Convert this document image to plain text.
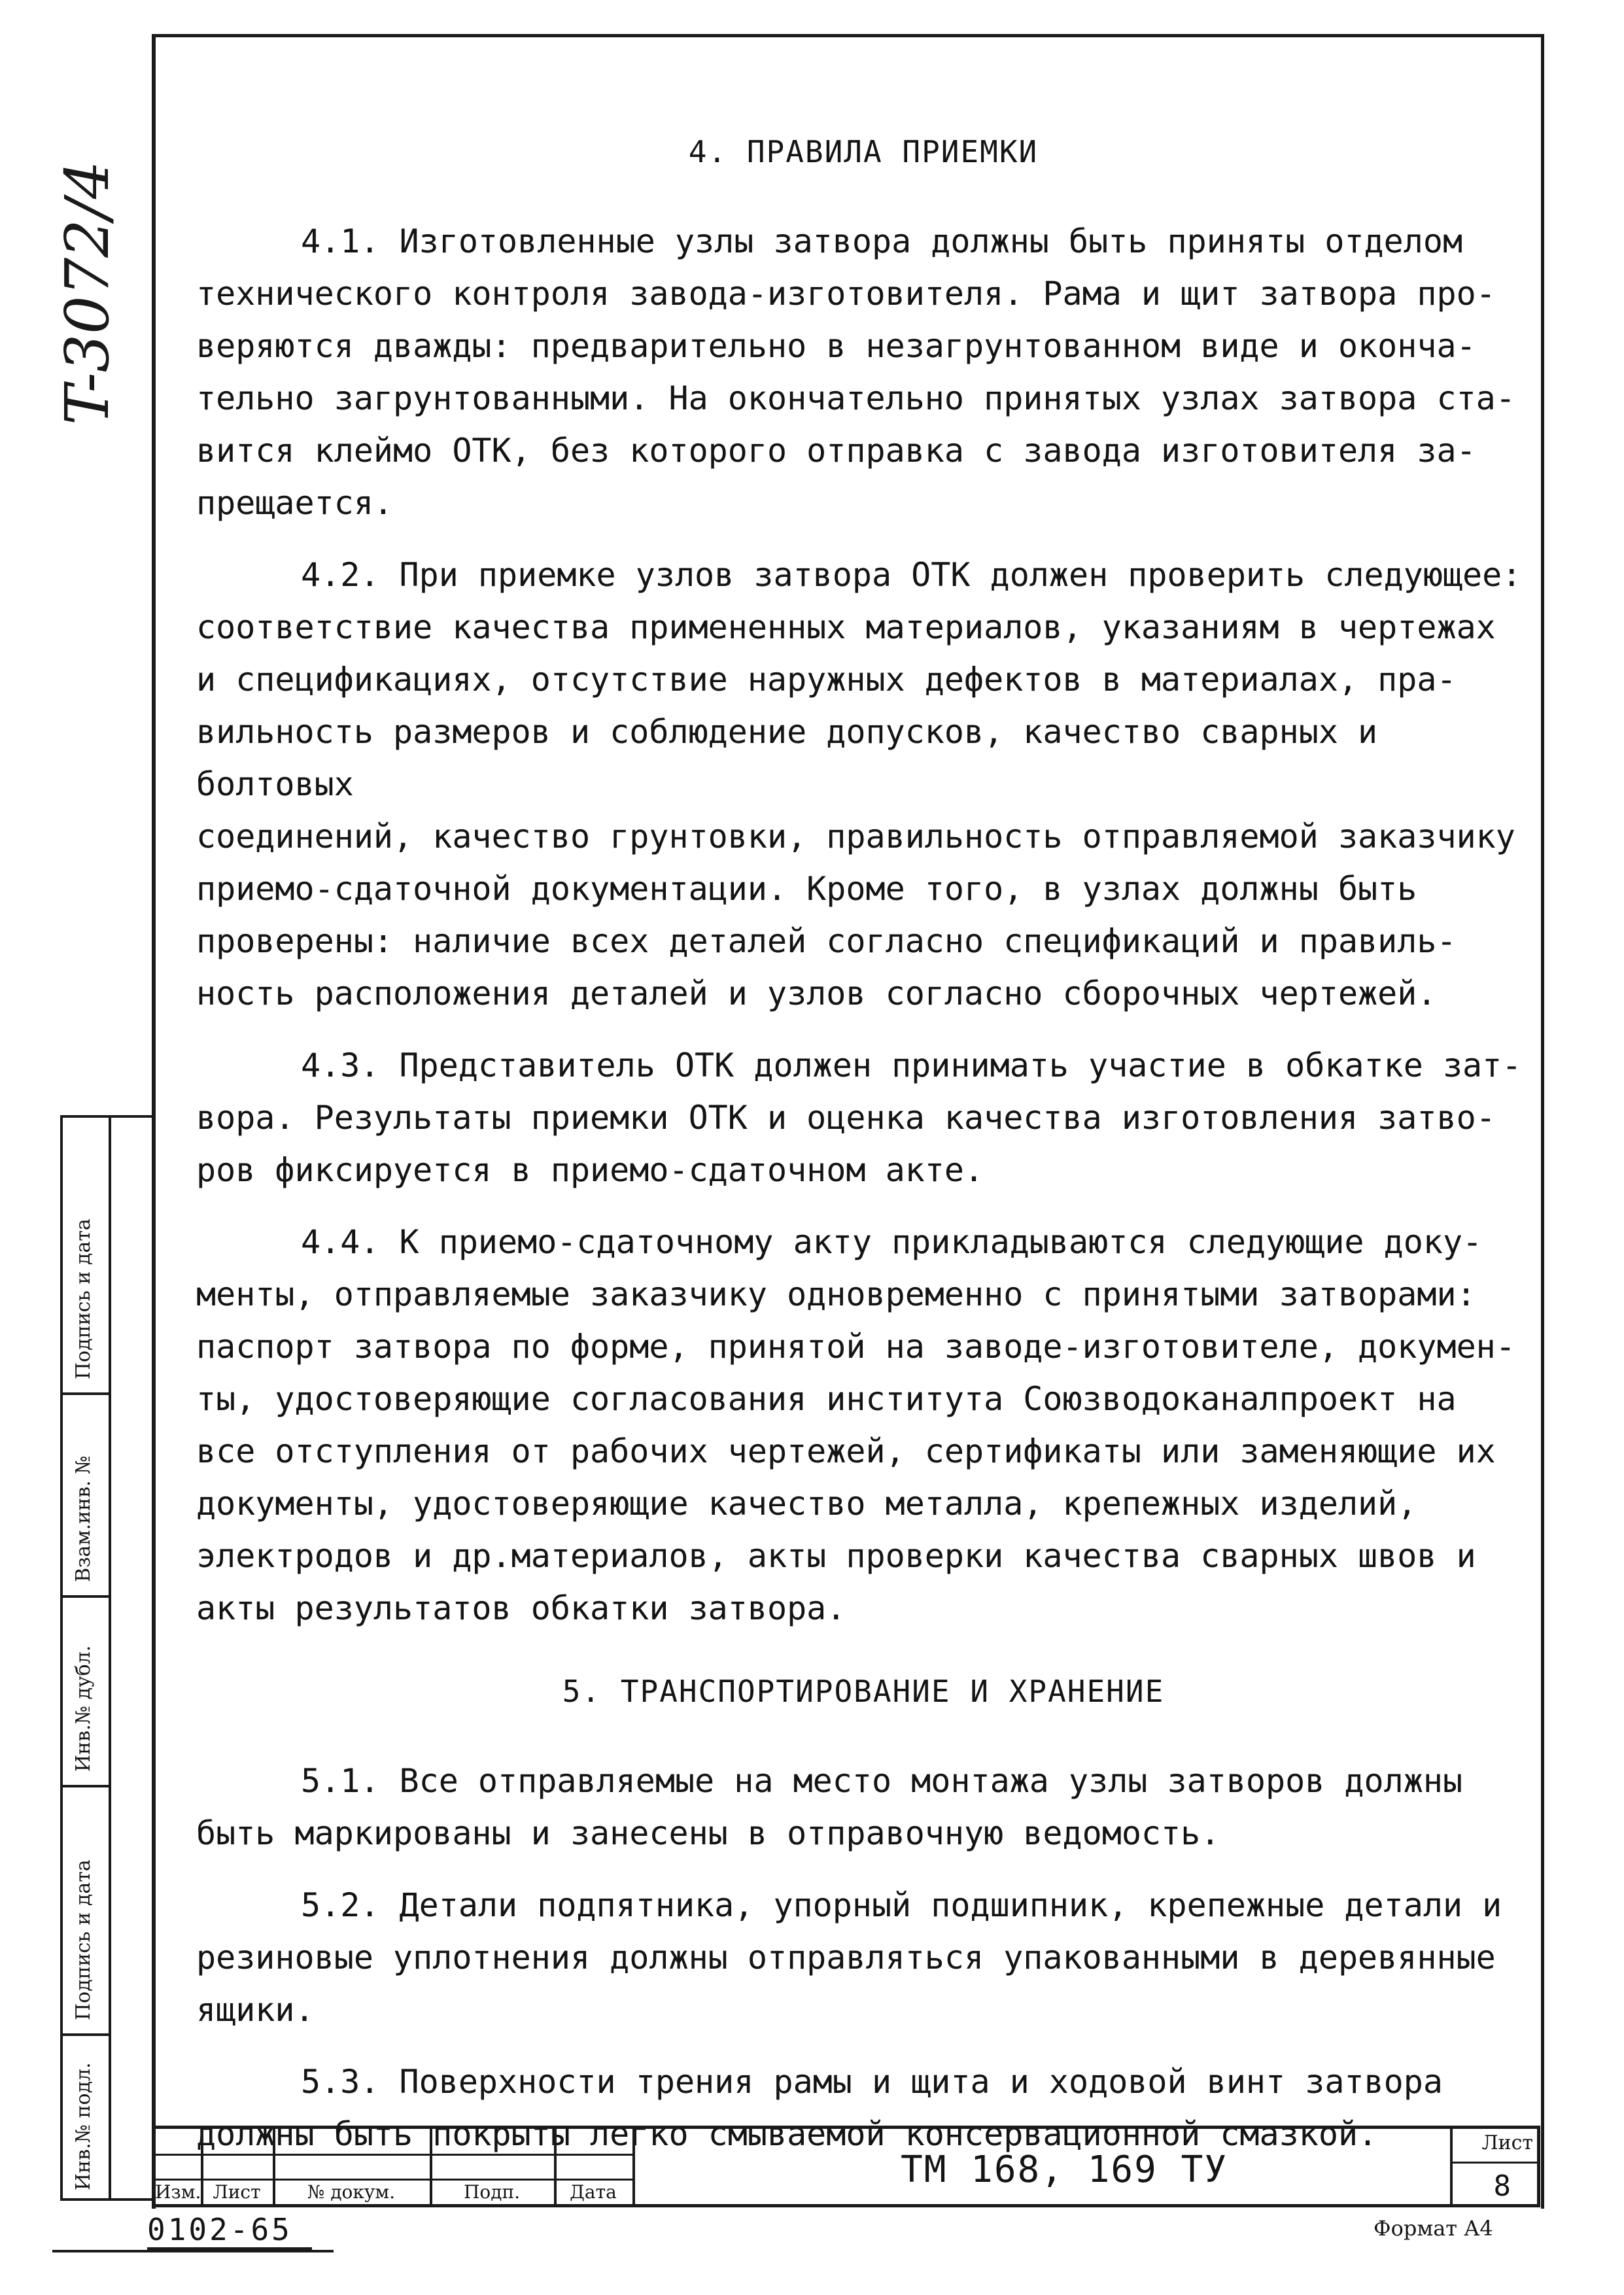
T-3072/4
4. ПРАВИЛА ПРИЕМКИ
4.1. Изготовленные узлы затвора должны быть приняты отделом
технического контроля завода-изготовителя. Рама и щит затвора про-
веряются дважды: предварительно в незагрунтованном виде и оконча-
тельно загрунтованными. На окончательно принятых узлах затвора ста-
вится клеймо ОТК, без которого отправка с завода изготовителя за-
прещается.
4.2. При приемке узлов затвора ОТК должен проверить следующее:
соответствие качества примененных материалов, указаниям в чертежах
и спецификациях, отсутствие наружных дефектов в материалах, пра-
вильность размеров и соблюдение допусков, качество сварных и болтовых
соединений, качество грунтовки, правильность отправляемой заказчику
приемо-сдаточной документации. Кроме того, в узлах должны быть
проверены: наличие всех деталей согласно спецификаций и правиль-
ность расположения деталей и узлов согласно сборочных чертежей.
4.3. Представитель ОТК должен принимать участие в обкатке зат-
вора. Результаты приемки ОТК и оценка качества изготовления затво-
ров фиксируется в приемо-сдаточном акте.
4.4. К приемо-сдаточному акту прикладываются следующие доку-
менты, отправляемые заказчику одновременно с принятыми затворами:
паспорт затвора по форме, принятой на заводе-изготовителе, докумен-
ты, удостоверяющие согласования института Союзводоканалпроект на
все отступления от рабочих чертежей, сертификаты или заменяющие их
документы, удостоверяющие качество металла, крепежных изделий,
электродов и др.материалов, акты проверки качества сварных швов и
акты результатов обкатки затвора.
5. ТРАНСПОРТИРОВАНИЕ И ХРАНЕНИЕ
5.1. Все отправляемые на место монтажа узлы затворов должны
быть маркированы и занесены в отправочную ведомость.
5.2. Детали подпятника, упорный подшипник, крепежные детали и
резиновые уплотнения должны отправляться упакованными в деревянные
ящики.
5.3. Поверхности трения рамы и щита и ходовой винт затвора
должны быть покрыты легко смываемой консервационной смазкой.
Подпись и дата
Взам.инв. №
Инв.№ дубл.
Подпись и дата
Инв.№ подл.
Изм. Лист	№ докум.	Подп.	Дата
ТМ 168, 169 ТУ
Лист
8
Формат А4
0102-65
